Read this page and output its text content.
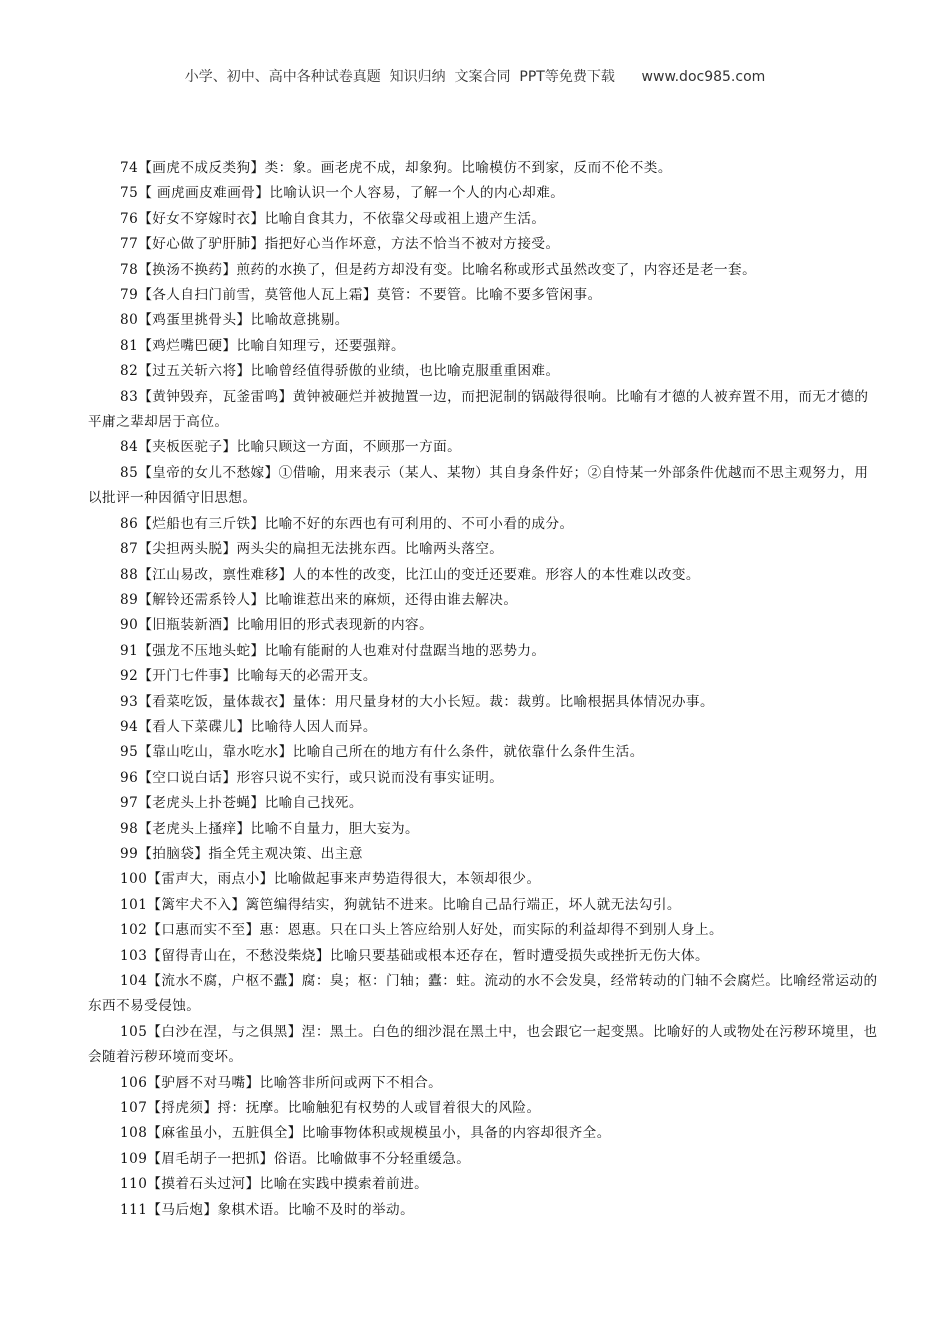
小学、初中、高中各种试卷真题  知识归纳  文案合同  PPT等免费下载      www.doc985.com
74【画虎不成反类狗】类：象。画老虎不成，却象狗。比喻模仿不到家，反而不伦不类。
75【 画虎画皮难画骨】比喻认识一个人容易，了解一个人的内心却难。
76【好女不穿嫁时衣】比喻自食其力，不依靠父母或祖上遗产生活。
77【好心做了驴肝肺】指把好心当作坏意，方法不恰当不被对方接受。
78【换汤不换药】煎药的水换了，但是药方却没有变。比喻名称或形式虽然改变了，内容还是老一套。
79【各人自扫门前雪，莫管他人瓦上霜】莫管：不要管。比喻不要多管闲事。
80【鸡蛋里挑骨头】比喻故意挑剔。
81【鸡烂嘴巴硬】比喻自知理亏，还要强辩。
82【过五关斩六将】比喻曾经值得骄傲的业绩，也比喻克服重重困难。
83【黄钟毁弃，瓦釜雷鸣】黄钟被砸烂并被抛置一边，而把泥制的锅敲得很响。比喻有才德的人被弃置不用，而无才德的平庸之辈却居于高位。
84【夹板医驼子】比喻只顾这一方面，不顾那一方面。
85【皇帝的女儿不愁嫁】①借喻，用来表示（某人、某物）其自身条件好；②自恃某一外部条件优越而不思主观努力，用以批评一种因循守旧思想。
86【烂船也有三斤铁】比喻不好的东西也有可利用的、不可小看的成分。
87【尖担两头脱】两头尖的扁担无法挑东西。比喻两头落空。
88【江山易改，禀性难移】人的本性的改变，比江山的变迁还要难。形容人的本性难以改变。
89【解铃还需系铃人】比喻谁惹出来的麻烦，还得由谁去解决。
90【旧瓶装新酒】比喻用旧的形式表现新的内容。
91【强龙不压地头蛇】比喻有能耐的人也难对付盘踞当地的恶势力。
92【开门七件事】比喻每天的必需开支。
93【看菜吃饭，量体裁衣】量体：用尺量身材的大小长短。裁：裁剪。比喻根据具体情况办事。
94【看人下菜碟儿】比喻待人因人而异。
95【靠山吃山，靠水吃水】比喻自己所在的地方有什么条件，就依靠什么条件生活。
96【空口说白话】形容只说不实行，或只说而没有事实证明。
97【老虎头上扑苍蝇】比喻自己找死。
98【老虎头上搔痒】比喻不自量力，胆大妄为。
99【拍脑袋】指全凭主观决策、出主意
100【雷声大，雨点小】比喻做起事来声势造得很大，本领却很少。
101【篱牢犬不入】篱笆编得结实，狗就钻不进来。比喻自己品行端正，坏人就无法勾引。
102【口惠而实不至】惠：恩惠。只在口头上答应给别人好处，而实际的利益却得不到别人身上。
103【留得青山在，不愁没柴烧】比喻只要基础或根本还存在，暂时遭受损失或挫折无伤大体。
104【流水不腐，户枢不蠹】腐：臭；枢：门轴；蠹：蛀。流动的水不会发臭，经常转动的门轴不会腐烂。比喻经常运动的东西不易受侵蚀。
105【白沙在涅，与之俱黑】涅：黑土。白色的细沙混在黑土中，也会跟它一起变黑。比喻好的人或物处在污秽环境里，也会随着污秽环境而变坏。
106【驴唇不对马嘴】比喻答非所问或两下不相合。
107【捋虎须】捋：抚摩。比喻触犯有权势的人或冒着很大的风险。
108【麻雀虽小，五脏俱全】比喻事物体积或规模虽小，具备的内容却很齐全。
109【眉毛胡子一把抓】俗语。比喻做事不分轻重缓急。
110【摸着石头过河】比喻在实践中摸索着前进。
111【马后炮】象棋术语。比喻不及时的举动。
